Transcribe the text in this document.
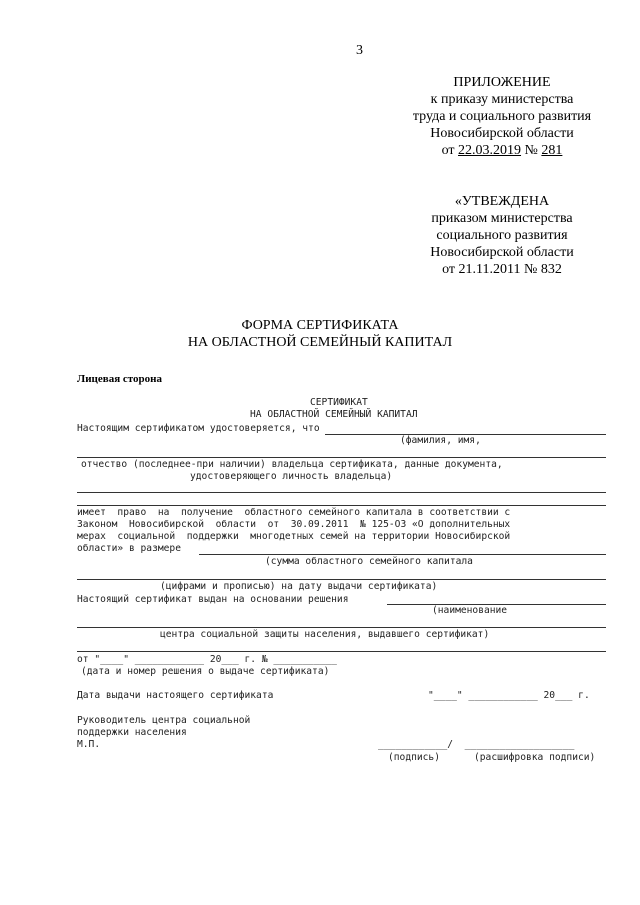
3
ПРИЛОЖЕНИЕ
к приказу министерства
труда и социального развития
Новосибирской области
от 22.03.2019 № 281
«УТВЕЖДЕНА
приказом министерства
социального развития
Новосибирской области
от 21.11.2011 № 832
ФОРМА СЕРТИФИКАТА
НА ОБЛАСТНОЙ СЕМЕЙНЫЙ КАПИТАЛ
Лицевая сторона
СЕРТИФИКАТ
НА ОБЛАСТНОЙ СЕМЕЙНЫЙ КАПИТАЛ
Настоящим сертификатом удостоверяется, что
(фамилия, имя,
отчество (последнее-при наличии) владельца сертификата, данные документа,
удостоверяющего личность владельца)
имеет  право  на  получение  областного семейного капитала в соответствии с
Законом  Новосибирской  области  от  30.09.2011  № 125-ОЗ «О дополнительных
мерах  социальной  поддержки  многодетных семей на территории Новосибирской
области» в размере
(сумма областного семейного капитала
(цифрами и прописью) на дату выдачи сертификата)
Настоящий сертификат выдан на основании решения
(наименование
центра социальной защиты населения, выдавшего сертификат)
от "____" ____________ 20___ г. № ___________
(дата и номер решения о выдаче сертификата)
Дата выдачи настоящего сертификата	"____" ____________ 20___ г.
Руководитель центра социальной
поддержки населения
М.П.	____________/  ___________________
(подпись)	(расшифровка подписи)
